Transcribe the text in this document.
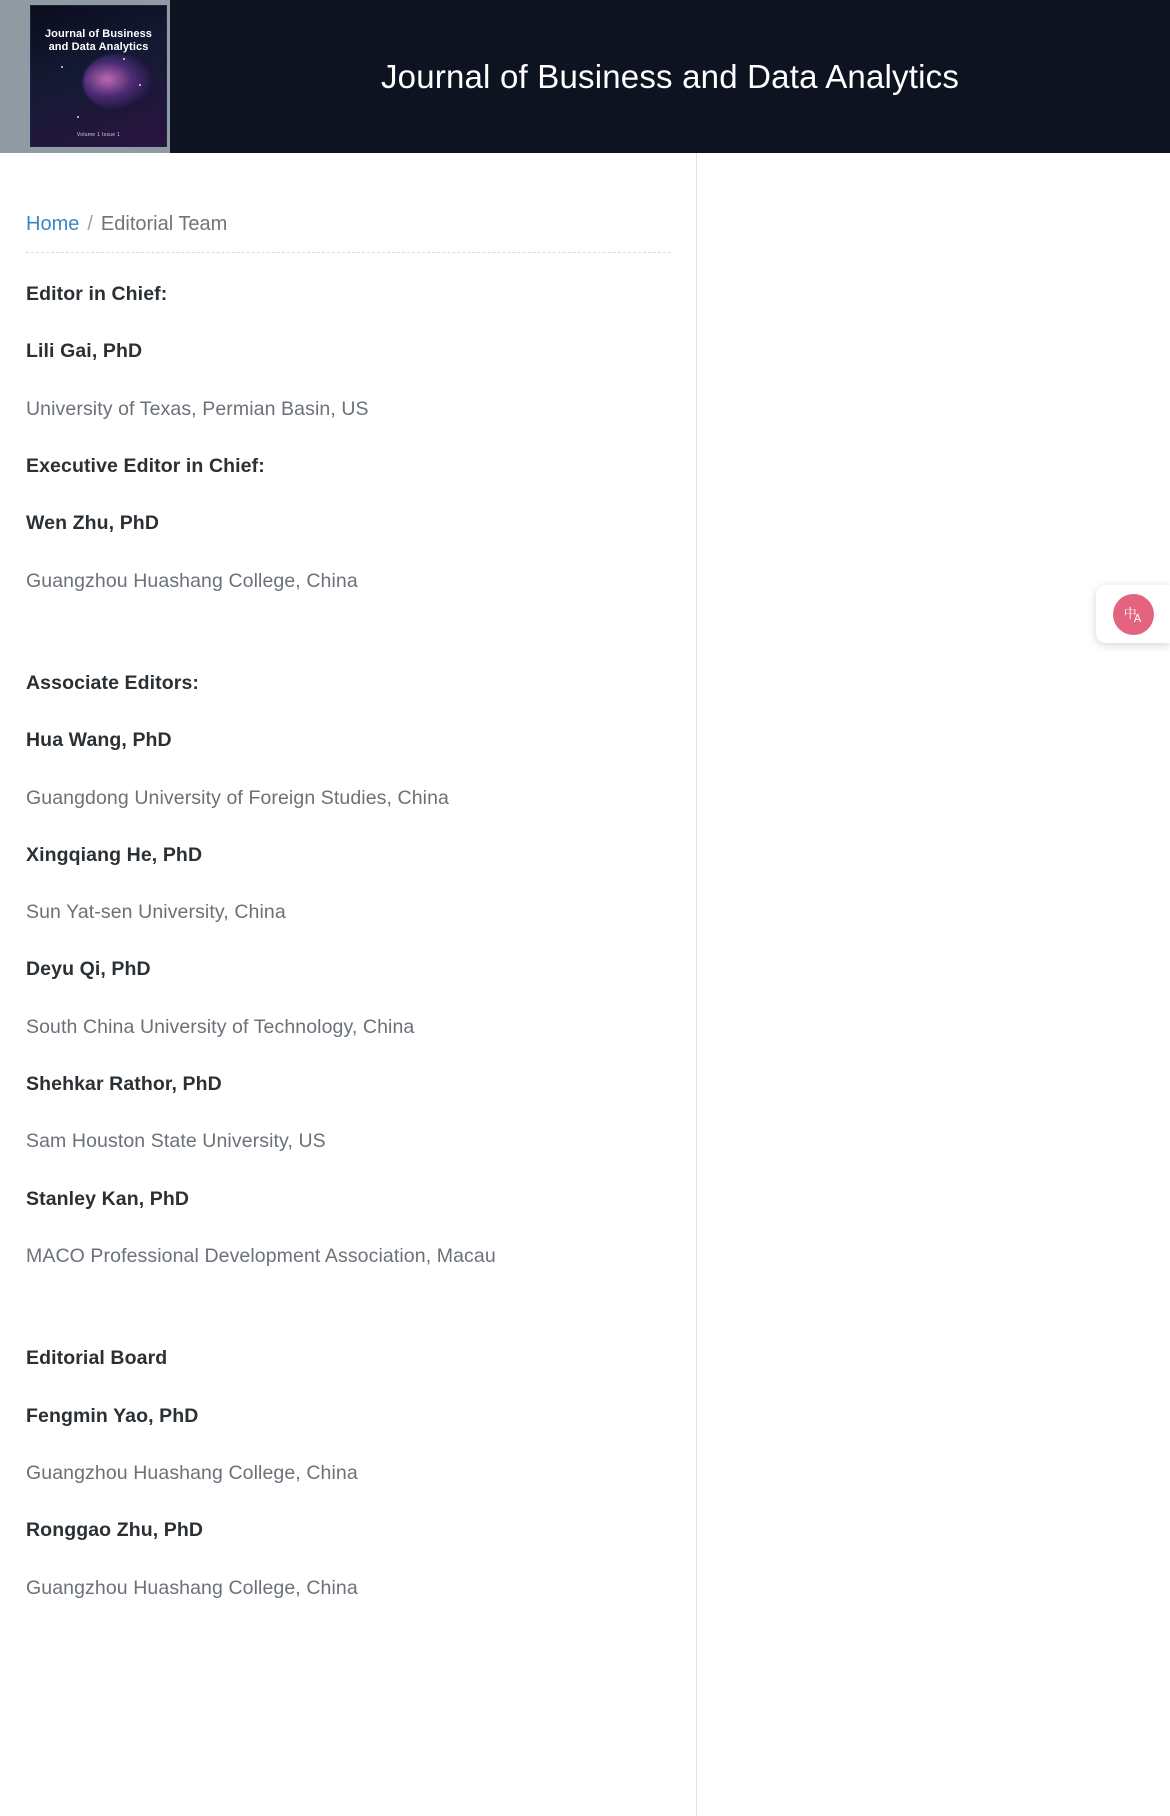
Journal of Business
and Data Analytics
Volume 1 Issue 1
Journal of Business and Data Analytics
Home / Editorial Team

Editor in Chief:

Lili Gai, PhD

University of Texas, Permian Basin, US

Executive Editor in Chief:

Wen Zhu, PhD

Guangzhou Huashang College, China

Associate Editors:

Hua Wang, PhD

Guangdong University of Foreign Studies, China

Xingqiang He, PhD

Sun Yat-sen University, China

Deyu Qi, PhD

South China University of Technology, China

Shehkar Rathor, PhD

Sam Houston State University, US

Stanley Kan, PhD

MACO Professional Development Association, Macau

Editorial Board

Fengmin Yao, PhD

Guangzhou Huashang College, China

Ronggao Zhu, PhD

Guangzhou Huashang College, China

中
A
